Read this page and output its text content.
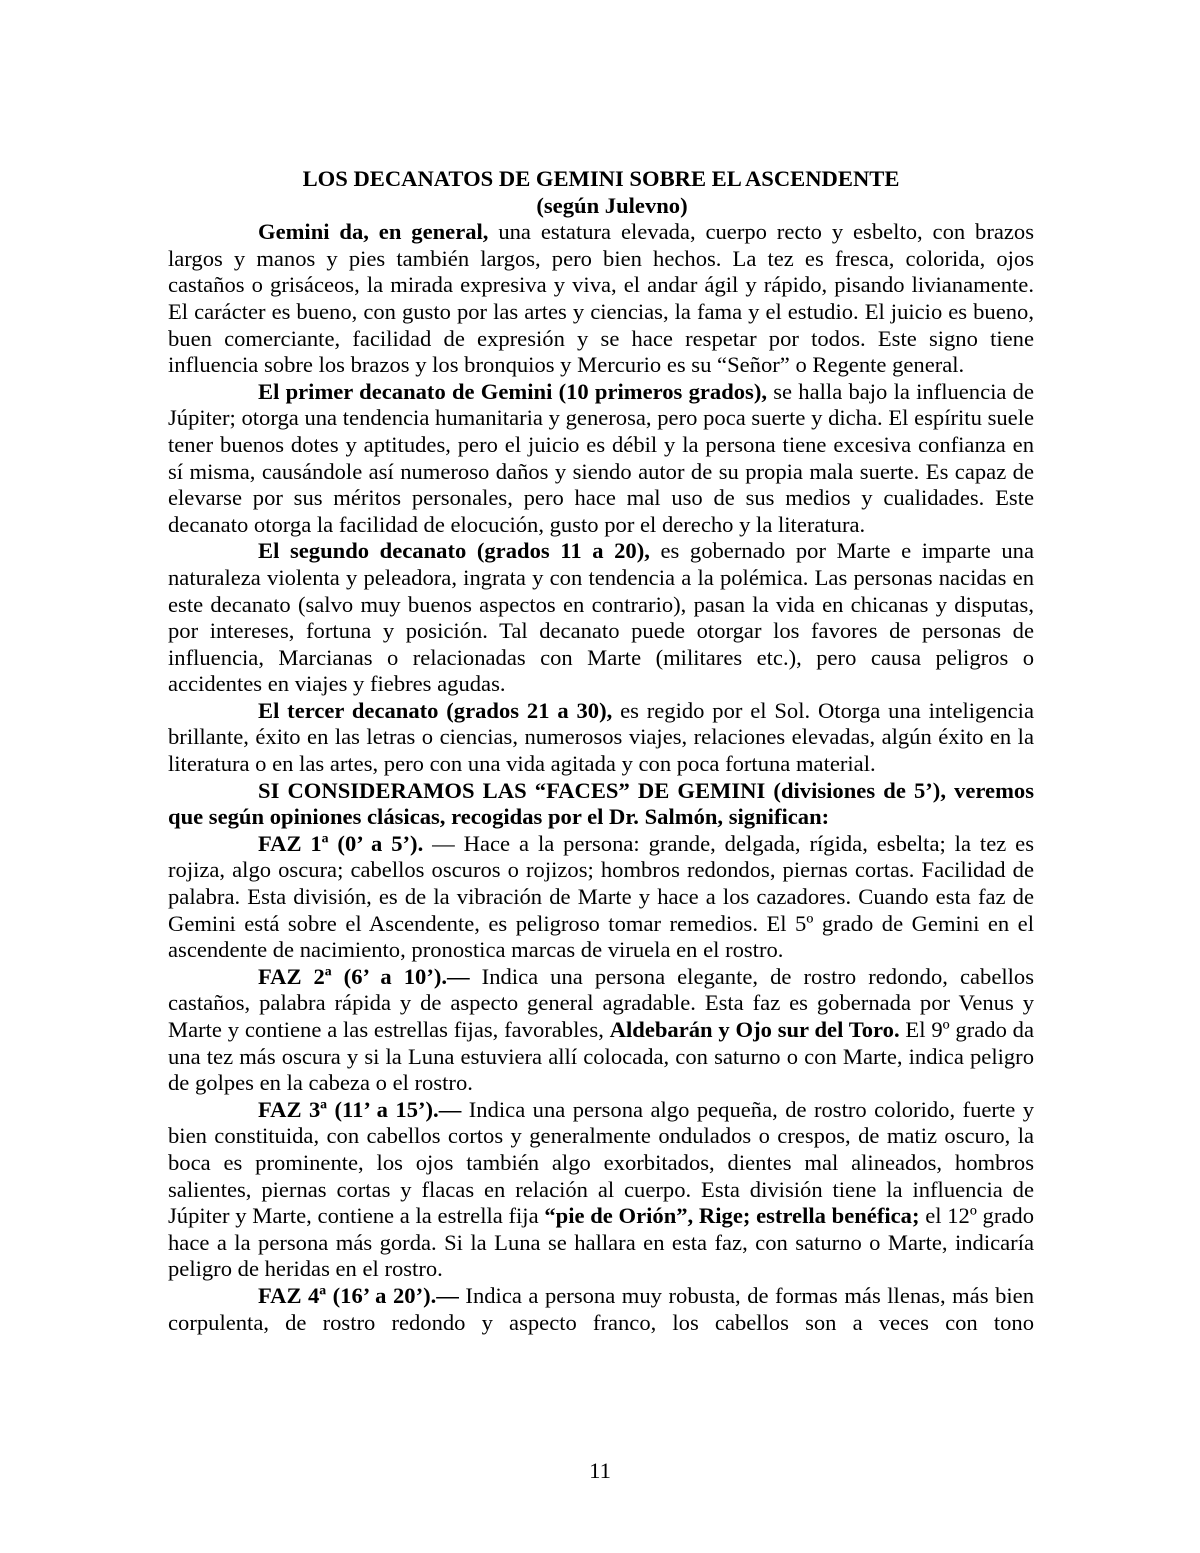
LOS DECANATOS DE GEMINI SOBRE EL ASCENDENTE
(según Julevno)

Gemini da, en general, una estatura elevada, cuerpo recto y esbelto, con brazos largos y manos y pies también largos, pero bien hechos. La tez es fresca, colorida, ojos castaños o grisáceos, la mirada expresiva y viva, el andar ágil y rápido, pisando livianamente. El carácter es bueno, con gusto por las artes y ciencias, la fama y el estudio. El juicio es bueno, buen comerciante, facilidad de expresión y se hace respetar por todos. Este signo tiene influencia sobre los brazos y los bronquios y Mercurio es su “Señor” o Regente general.

El primer decanato de Gemini (10 primeros grados), se halla bajo la influencia de Júpiter; otorga una tendencia humanitaria y generosa, pero poca suerte y dicha. El espíritu suele tener buenos dotes y aptitudes, pero el juicio es débil y la persona tiene excesiva confianza en sí misma, causándole así numeroso daños y siendo autor de su propia mala suerte. Es capaz de elevarse por sus méritos personales, pero hace mal uso de sus medios y cualidades. Este decanato otorga la facilidad de elocución, gusto por el derecho y la literatura.

El segundo decanato (grados 11 a 20), es gobernado por Marte e imparte una naturaleza violenta y peleadora, ingrata y con tendencia a la polémica. Las personas nacidas en este decanato (salvo muy buenos aspectos en contrario), pasan la vida en chicanas y disputas, por intereses, fortuna y posición. Tal decanato puede otorgar los favores de personas de influencia, Marcianas o relacionadas con Marte (militares etc.), pero causa peligros o accidentes en viajes y fiebres agudas.

El tercer decanato (grados 21 a 30), es regido por el Sol. Otorga una inteligencia brillante, éxito en las letras o ciencias, numerosos viajes, relaciones elevadas, algún éxito en la literatura o en las artes, pero con una vida agitada y con poca fortuna material.

SI CONSIDERAMOS LAS “FACES” DE GEMINI (divisiones de 5’), veremos que según opiniones clásicas, recogidas por el Dr. Salmón, significan:

FAZ 1ª (0’ a 5’). — Hace a la persona: grande, delgada, rígida, esbelta; la tez es rojiza, algo oscura; cabellos oscuros o rojizos; hombros redondos, piernas cortas. Facilidad de palabra. Esta división, es de la vibración de Marte y hace a los cazadores. Cuando esta faz de Gemini está sobre el Ascendente, es peligroso tomar remedios. El 5º grado de Gemini en el ascendente de nacimiento, pronostica marcas de viruela en el rostro.

FAZ 2ª (6’ a 10’).— Indica una persona elegante, de rostro redondo, cabellos castaños, palabra rápida y de aspecto general agradable. Esta faz es gobernada por Venus y Marte y contiene a las estrellas fijas, favorables, Aldebarán y Ojo sur del Toro. El 9º grado da una tez más oscura y si la Luna estuviera allí colocada, con saturno o con Marte, indica peligro de golpes en la cabeza o el rostro.

FAZ 3ª (11’ a 15’).— Indica una persona algo pequeña, de rostro colorido, fuerte y bien constituida, con cabellos cortos y generalmente ondulados o crespos, de matiz oscuro, la boca es prominente, los ojos también algo exorbitados, dientes mal alineados, hombros salientes, piernas cortas y flacas en relación al cuerpo. Esta división tiene la influencia de Júpiter y Marte, contiene a la estrella fija “pie de Orión”, Rige; estrella benéfica; el 12º grado hace a la persona más gorda. Si la Luna se hallara en esta faz, con saturno o Marte, indicaría peligro de heridas en el rostro.

FAZ 4ª (16’ a 20’).— Indica a persona muy robusta, de formas más llenas, más bien corpulenta, de rostro redondo y aspecto franco, los cabellos son a veces con tono

11
